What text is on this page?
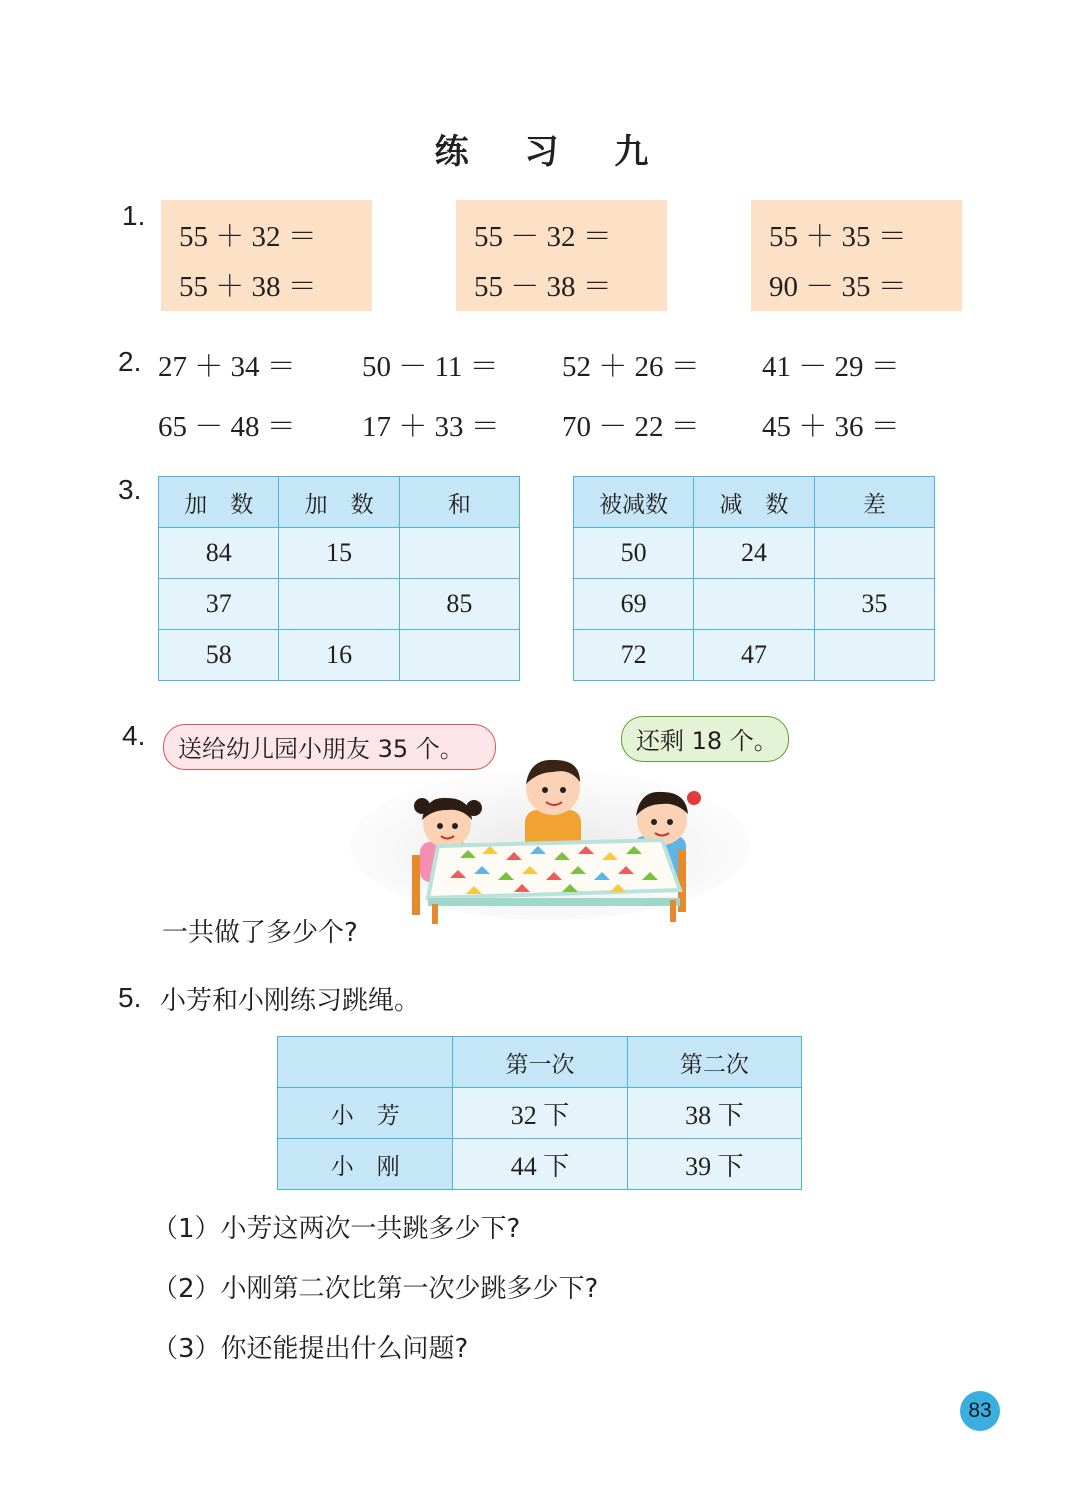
练 习 九
1.
55 ＋ 32 ＝
55 ＋ 38 ＝
55 － 32 ＝
55 － 38 ＝
55 ＋ 35 ＝
90 － 35 ＝
2. 27 ＋ 34 ＝ 50 － 11 ＝ 52 ＋ 26 ＝ 41 － 29 ＝
65 － 48 ＝ 17 ＋ 33 ＝ 70 － 22 ＝ 45 ＋ 36 ＝
3. 加　数	加　数	和
84	15	
37		85
58	16	
被减数	减　数	差
50	24	
69		35
72	47	
4.	送给幼儿园小朋友 35 个。	还剩 18 个。
一共做了多少个?
5. 小芳和小刚练习跳绳。
	第一次	第二次
小　芳	32 下	38 下
小　刚	44 下	39 下
（1）小芳这两次一共跳多少下?
（2）小刚第二次比第一次少跳多少下?
（3）你还能提出什么问题?
83
